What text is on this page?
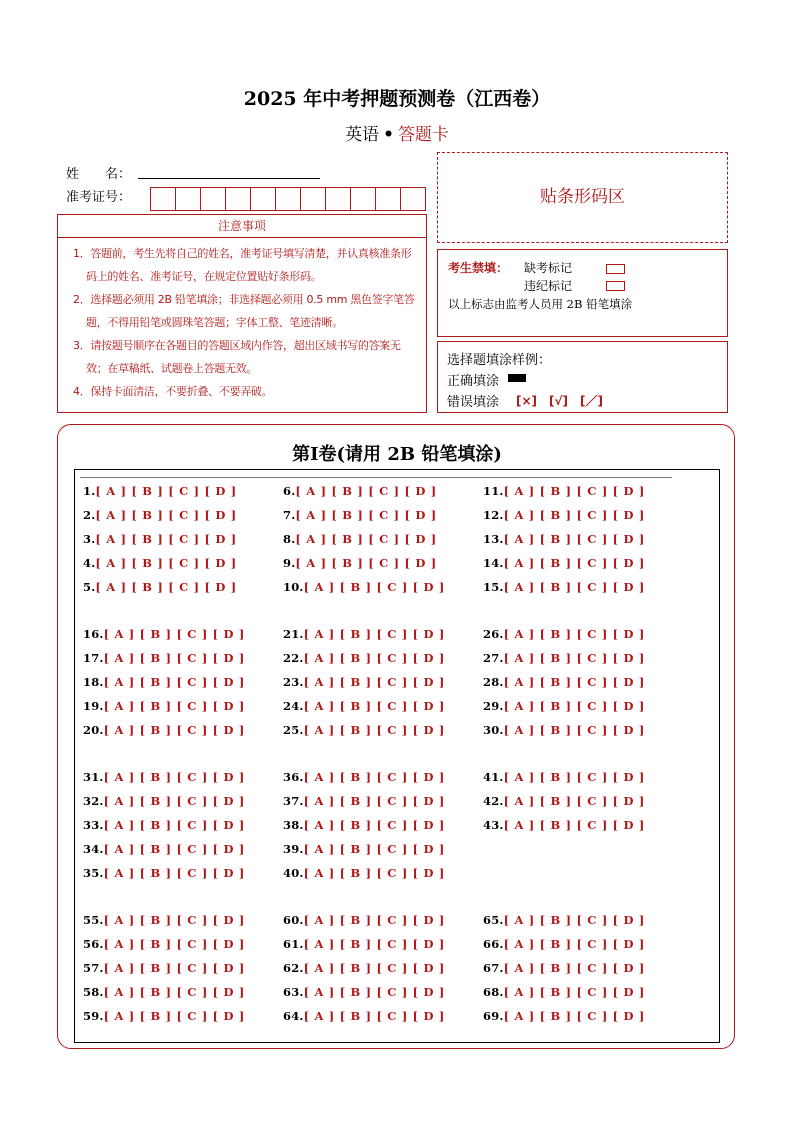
2025 年中考押题预测卷（江西卷）
英语 • 答题卡
姓　　名：
准考证号：
注意事项
1．答题前，考生先将自己的姓名，准考证号填写清楚，并认真核准条形码上的姓名、准考证号，在规定位置贴好条形码。
2．选择题必须用 2B 铅笔填涂；非选择题必须用 0.5 mm 黑色签字笔答题，不得用铅笔或圆珠笔答题；字体工整、笔迹清晰。
3．请按题号顺序在各题目的答题区域内作答，超出区域书写的答案无效；在草稿纸、试题卷上答题无效。
4．保持卡面清洁，不要折叠、不要弄破。
贴条形码区
考生禁填： 缺考标记
违纪标记
以上标志由监考人员用 2B 铅笔填涂
选择题填涂样例：
正确填涂
错误填涂 [×]　[√]　[／]
第Ⅰ卷(请用 2B 铅笔填涂)
1.[ A ] [ B ] [ C ] [ D ]
2.[ A ] [ B ] [ C ] [ D ]
3.[ A ] [ B ] [ C ] [ D ]
4.[ A ] [ B ] [ C ] [ D ]
5.[ A ] [ B ] [ C ] [ D ]
6.[ A ] [ B ] [ C ] [ D ]
7.[ A ] [ B ] [ C ] [ D ]
8.[ A ] [ B ] [ C ] [ D ]
9.[ A ] [ B ] [ C ] [ D ]
10.[ A ] [ B ] [ C ] [ D ]
11.[ A ] [ B ] [ C ] [ D ]
12.[ A ] [ B ] [ C ] [ D ]
13.[ A ] [ B ] [ C ] [ D ]
14.[ A ] [ B ] [ C ] [ D ]
15.[ A ] [ B ] [ C ] [ D ]
16.[ A ] [ B ] [ C ] [ D ]
17.[ A ] [ B ] [ C ] [ D ]
18.[ A ] [ B ] [ C ] [ D ]
19.[ A ] [ B ] [ C ] [ D ]
20.[ A ] [ B ] [ C ] [ D ]
21.[ A ] [ B ] [ C ] [ D ]
22.[ A ] [ B ] [ C ] [ D ]
23.[ A ] [ B ] [ C ] [ D ]
24.[ A ] [ B ] [ C ] [ D ]
25.[ A ] [ B ] [ C ] [ D ]
26.[ A ] [ B ] [ C ] [ D ]
27.[ A ] [ B ] [ C ] [ D ]
28.[ A ] [ B ] [ C ] [ D ]
29.[ A ] [ B ] [ C ] [ D ]
30.[ A ] [ B ] [ C ] [ D ]
31.[ A ] [ B ] [ C ] [ D ]
32.[ A ] [ B ] [ C ] [ D ]
33.[ A ] [ B ] [ C ] [ D ]
34.[ A ] [ B ] [ C ] [ D ]
35.[ A ] [ B ] [ C ] [ D ]
36.[ A ] [ B ] [ C ] [ D ]
37.[ A ] [ B ] [ C ] [ D ]
38.[ A ] [ B ] [ C ] [ D ]
39.[ A ] [ B ] [ C ] [ D ]
40.[ A ] [ B ] [ C ] [ D ]
41.[ A ] [ B ] [ C ] [ D ]
42.[ A ] [ B ] [ C ] [ D ]
43.[ A ] [ B ] [ C ] [ D ]
55.[ A ] [ B ] [ C ] [ D ]
56.[ A ] [ B ] [ C ] [ D ]
57.[ A ] [ B ] [ C ] [ D ]
58.[ A ] [ B ] [ C ] [ D ]
59.[ A ] [ B ] [ C ] [ D ]
60.[ A ] [ B ] [ C ] [ D ]
61.[ A ] [ B ] [ C ] [ D ]
62.[ A ] [ B ] [ C ] [ D ]
63.[ A ] [ B ] [ C ] [ D ]
64.[ A ] [ B ] [ C ] [ D ]
65.[ A ] [ B ] [ C ] [ D ]
66.[ A ] [ B ] [ C ] [ D ]
67.[ A ] [ B ] [ C ] [ D ]
68.[ A ] [ B ] [ C ] [ D ]
69.[ A ] [ B ] [ C ] [ D ]
